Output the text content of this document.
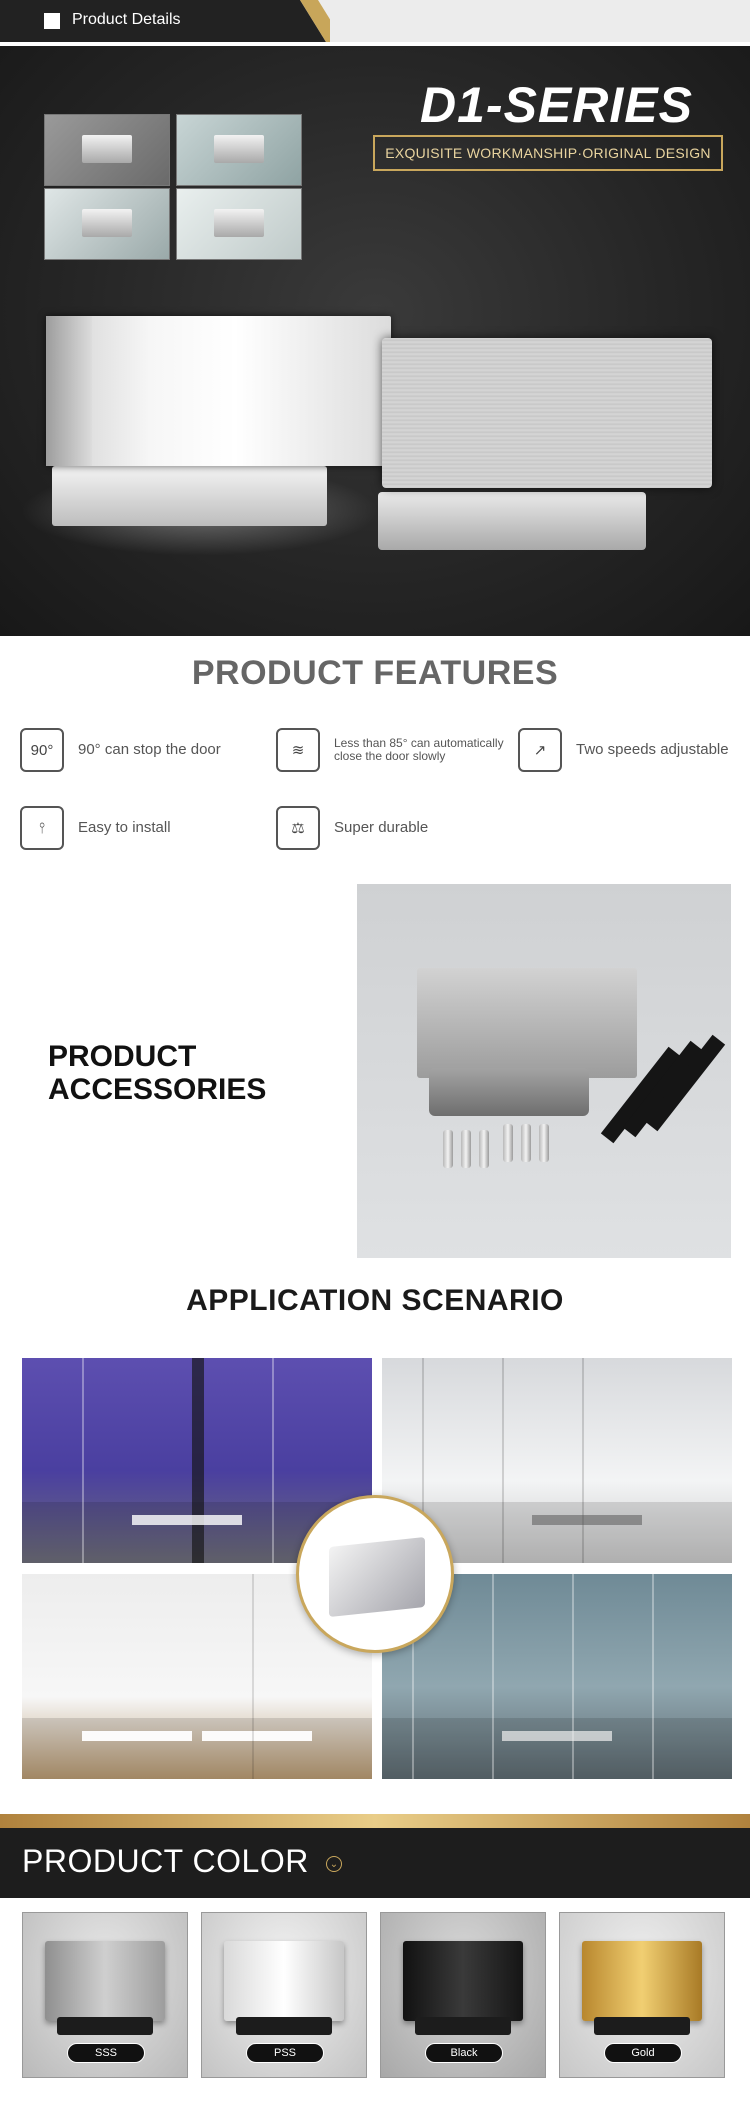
Product Details
D1-SERIES
EXQUISITE WORKMANSHIP·ORIGINAL DESIGN
PRODUCT FEATURES
90°	90° can stop the door	≋	Less than 85° can automatically close the door slowly	↗	Two speeds adjustable
⫯	Easy to install	⚖	Super durable
PRODUCT
ACCESSORIES
APPLICATION SCENARIO
PRODUCT COLOR	⌄
SSS	PSS	Black	Gold
